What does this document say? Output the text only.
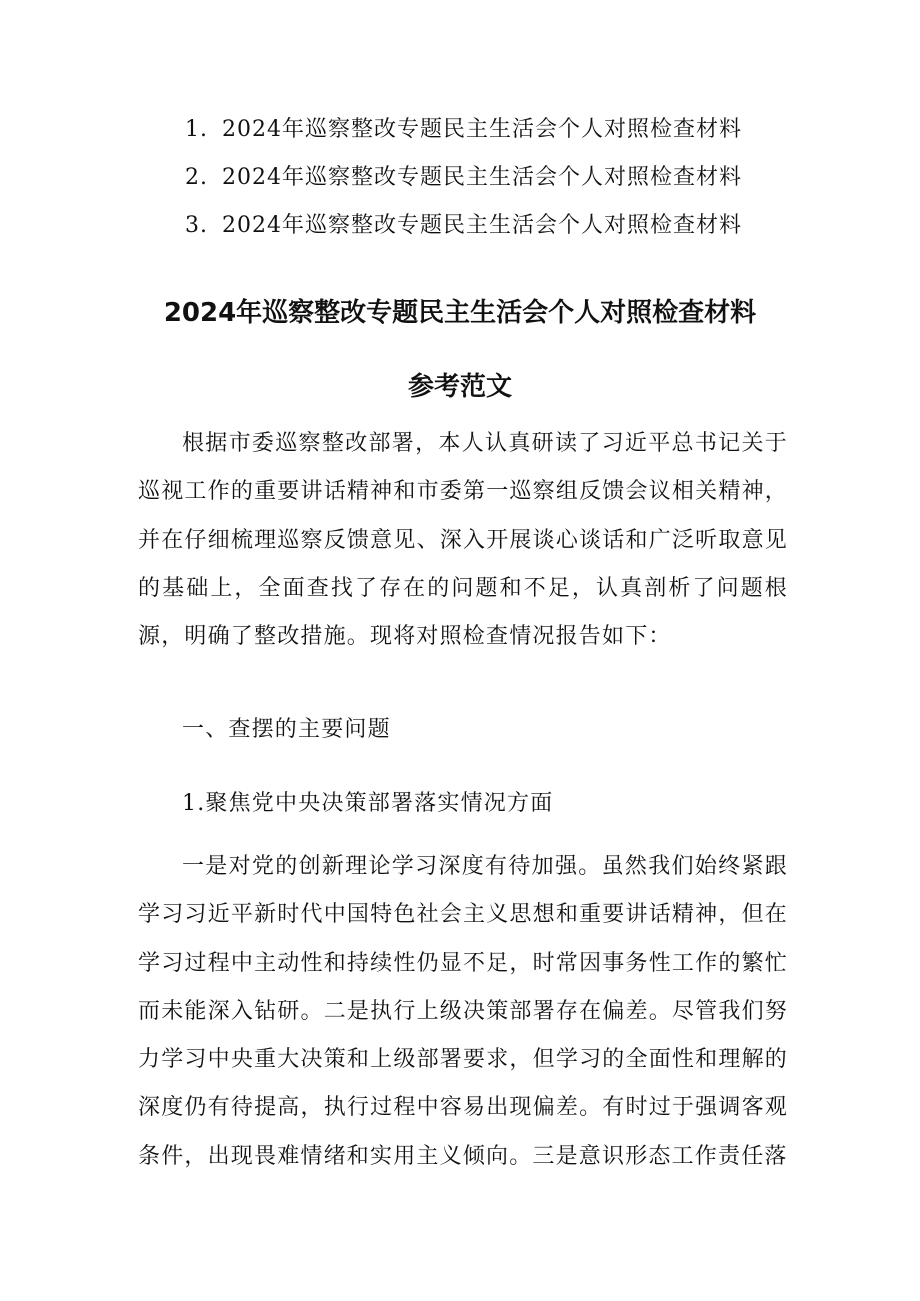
1. 2024年巡察整改专题民主生活会个人对照检查材料
2. 2024年巡察整改专题民主生活会个人对照检查材料
3. 2024年巡察整改专题民主生活会个人对照检查材料
2024年巡察整改专题民主生活会个人对照检查材料
参考范文
根据市委巡察整改部署，本人认真研读了习近平总书记关于巡视工作的重要讲话精神和市委第一巡察组反馈会议相关精神，并在仔细梳理巡察反馈意见、深入开展谈心谈话和广泛听取意见的基础上，全面查找了存在的问题和不足，认真剖析了问题根源，明确了整改措施。现将对照检查情况报告如下：
一、查摆的主要问题
1.聚焦党中央决策部署落实情况方面
一是对党的创新理论学习深度有待加强。虽然我们始终紧跟学习习近平新时代中国特色社会主义思想和重要讲话精神，但在学习过程中主动性和持续性仍显不足，时常因事务性工作的繁忙而未能深入钻研。二是执行上级决策部署存在偏差。尽管我们努力学习中央重大决策和上级部署要求，但学习的全面性和理解的深度仍有待提高，执行过程中容易出现偏差。有时过于强调客观条件，出现畏难情绪和实用主义倾向。三是意识形态工作责任落
